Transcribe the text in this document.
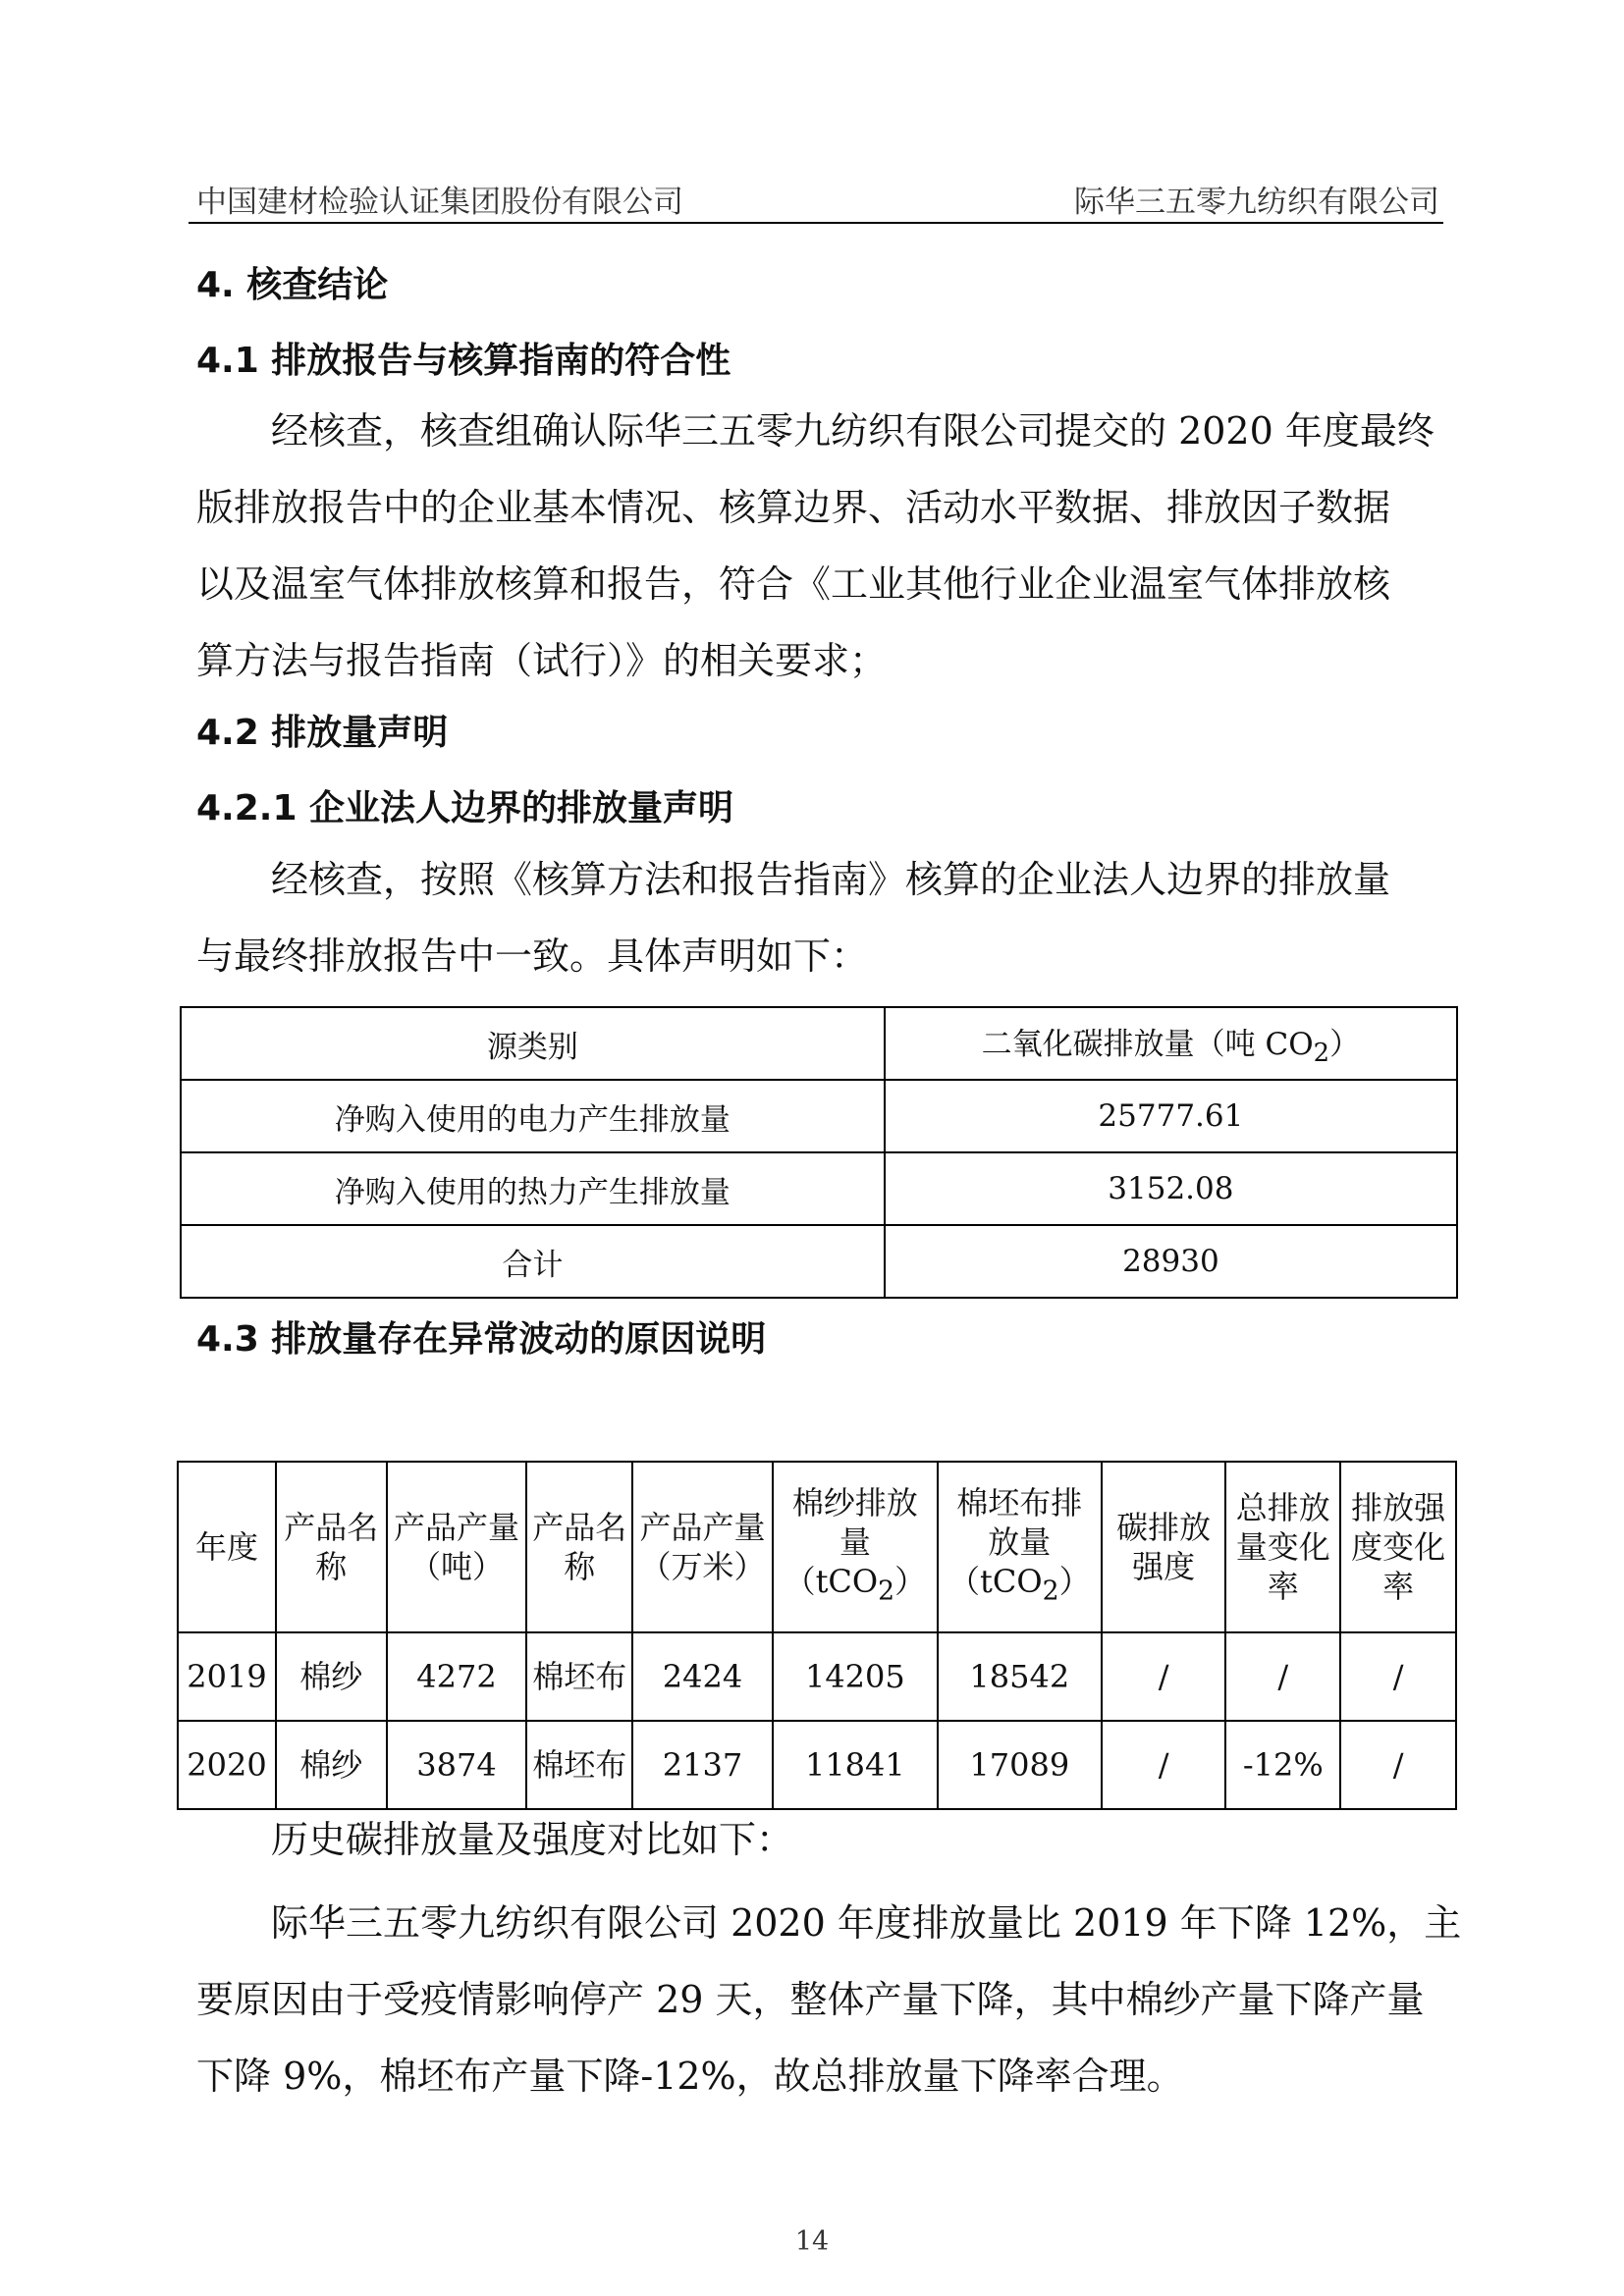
中国建材检验认证集团股份有限公司	际华三五零九纺织有限公司
4. 核查结论
4.1 排放报告与核算指南的符合性
经核查，核查组确认际华三五零九纺织有限公司提交的 2020 年度最终
版排放报告中的企业基本情况、核算边界、活动水平数据、排放因子数据
以及温室气体排放核算和报告，符合《工业其他行业企业温室气体排放核
算方法与报告指南（试行）》的相关要求；
4.2 排放量声明
4.2.1 企业法人边界的排放量声明
经核查，按照《核算方法和报告指南》核算的企业法人边界的排放量
与最终排放报告中一致。具体声明如下：
源类别	二氧化碳排放量（吨 $CO_2$）
净购入使用的电力产生排放量	25777.61
净购入使用的热力产生排放量	3152.08
合计	28930
4.3 排放量存在异常波动的原因说明
年度	产品名称	产品产量（吨）	产品名称	产品产量（万米）	棉纱排放量（tCO$_2$）	棉坯布排放量（tCO$_2$）	碳排放强度	总排放量变化率	排放强度变化率
2019	棉纱	4272	棉坯布	2424	14205	18542	/	/	/
2020	棉纱	3874	棉坯布	2137	11841	17089	/	-12%	/
历史碳排放量及强度对比如下：
际华三五零九纺织有限公司 2020 年度排放量比 2019 年下降 12%，主
要原因由于受疫情影响停产 29 天，整体产量下降，其中棉纱产量下降产量
下降 9%，棉坯布产量下降-12%，故总排放量下降率合理。
14
